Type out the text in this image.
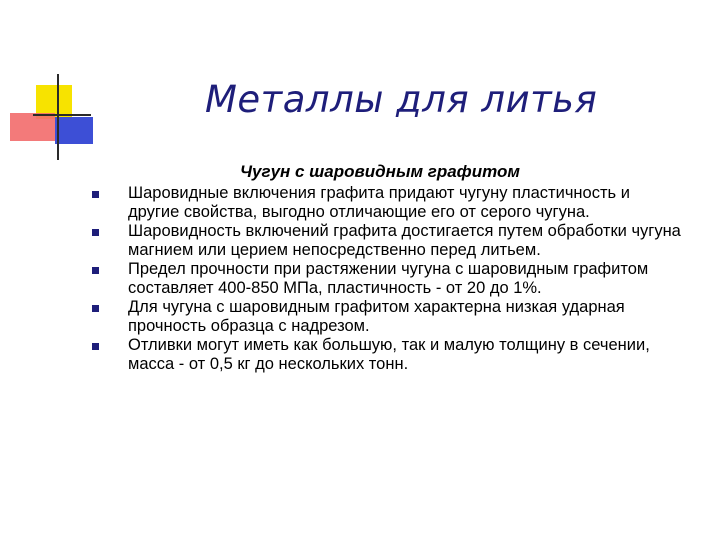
Металлы для литья
Чугун с шаровидным графитом
Шаровидные включения графита придают чугуну пластичность и другие свойства, выгодно отличающие его от серого чугуна.
Шаровидность включений графита достигается путем обработки чугуна магнием или церием непосредственно перед литьем.
Предел прочности при растяжении чугуна с шаровидным графитом составляет 400-850 МПа, пластичность - от 20 до 1%.
Для чугуна с шаровидным графитом характерна низкая ударная прочность образца с надрезом.
Отливки могут иметь как большую, так и малую толщину в сечении, масса - от 0,5 кг до нескольких тонн.
